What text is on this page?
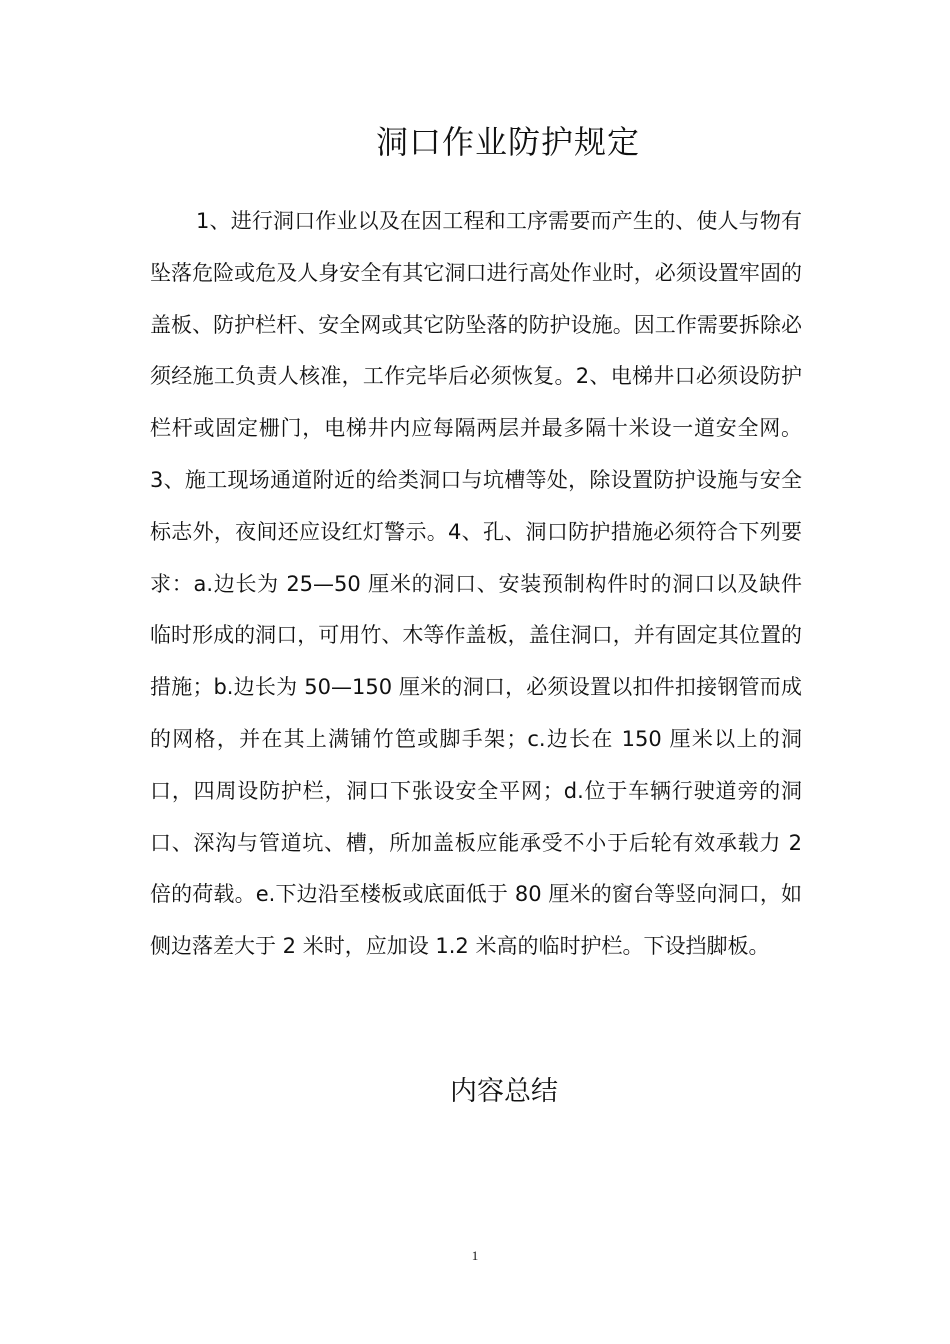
洞口作业防护规定

1、进行洞口作业以及在因工程和工序需要而产生的、使人与物有坠落危险或危及人身安全有其它洞口进行高处作业时，必须设置牢固的盖板、防护栏杆、安全网或其它防坠落的防护设施。因工作需要拆除必须经施工负责人核准，工作完毕后必须恢复。2、电梯井口必须设防护栏杆或固定栅门，电梯井内应每隔两层并最多隔十米设一道安全网。3、施工现场通道附近的给类洞口与坑槽等处，除设置防护设施与安全标志外，夜间还应设红灯警示。4、孔、洞口防护措施必须符合下列要求：a.边长为 25—50 厘米的洞口、安装预制构件时的洞口以及缺件临时形成的洞口，可用竹、木等作盖板，盖住洞口，并有固定其位置的措施；b.边长为 50—150 厘米的洞口，必须设置以扣件扣接钢管而成的网格，并在其上满铺竹笆或脚手架；c.边长在 150 厘米以上的洞口，四周设防护栏，洞口下张设安全平网；d.位于车辆行驶道旁的洞口、深沟与管道坑、槽，所加盖板应能承受不小于后轮有效承载力 2 倍的荷载。e.下边沿至楼板或底面低于 80 厘米的窗台等竖向洞口，如侧边落差大于 2 米时，应加设 1.2 米高的临时护栏。下设挡脚板。

内容总结
1
